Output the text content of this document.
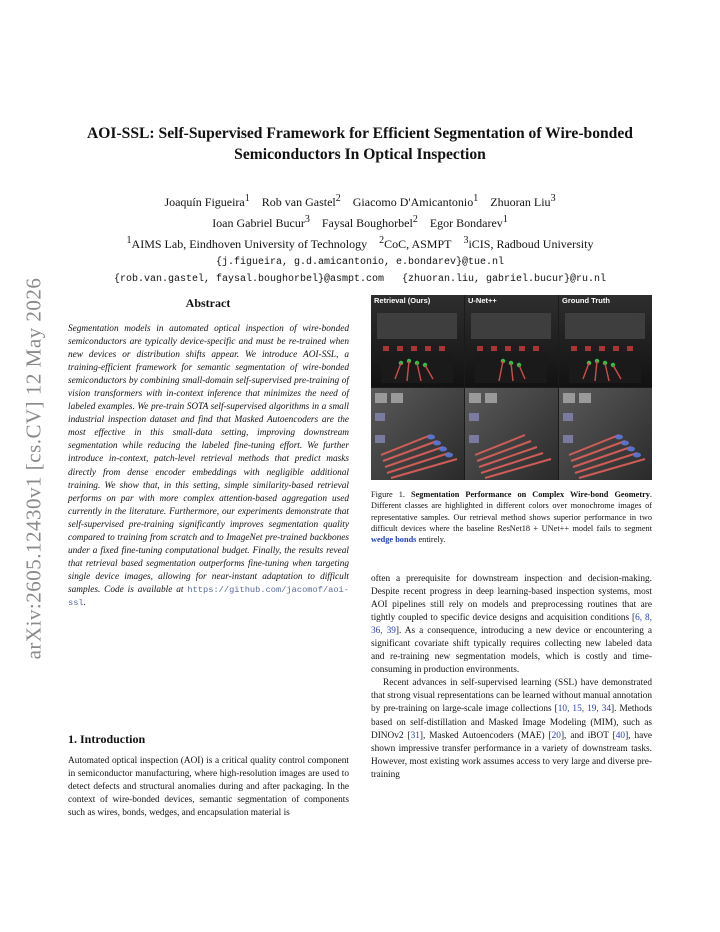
arXiv:2605.12430v1 [cs.CV] 12 May 2026
AOI-SSL: Self-Supervised Framework for Efficient Segmentation of Wire-bonded Semiconductors In Optical Inspection
Joaquín Figueira$^1$ Rob van Gastel$^2$ Giacomo D'Amicantonio$^1$ Zhuoran Liu$^3$
Ioan Gabriel Bucur$^3$ Faysal Boughorbel$^2$ Egor Bondarev$^1$
$^1$AIMS Lab, Eindhoven University of Technology $^2$CoC, ASMPT $^3$iCIS, Radboud University
{j.figueira, g.d.amicantonio, e.bondarev}@tue.nl
{rob.van.gastel, faysal.boughorbel}@asmpt.com {zhuoran.liu, gabriel.bucur}@ru.nl
Abstract
Segmentation models in automated optical inspection of wire-bonded semiconductors are typically device-specific and must be re-trained when new devices or distribution shifts appear. We introduce AOI-SSL, a training-efficient framework for semantic segmentation of wire-bonded semiconductors by combining small-domain self-supervised pre-training of vision transformers with in-context inference that minimizes the need of labeled examples. We pre-train SOTA self-supervised algorithms in a small industrial inspection dataset and find that Masked Autoencoders are the most effective in this small-data setting, improving downstream segmentation while reducing the labeled fine-tuning effort. We further introduce in-context, patch-level retrieval methods that predict masks directly from dense encoder embeddings with negligible additional training. We show that, in this setting, simple similarity-based retrieval performs on par with more complex attention-based aggregation used currently in the literature. Furthermore, our experiments demonstrate that self-supervised pre-training significantly improves segmentation quality compared to training from scratch and to ImageNet pre-trained backbones under a fixed fine-tuning computational budget. Finally, the results reveal that retrieval based segmentation outperforms fine-tuning when targeting single device images, allowing for near-instant adaptation to difficult samples. Code is available at https://github.com/jacomof/aoi-ssl.
1. Introduction
Automated optical inspection (AOI) is a critical quality control component in semiconductor manufacturing, where high-resolution images are used to detect defects and structural anomalies during and after packaging. In the context of wire-bonded devices, semantic segmentation of components such as wires, bonds, wedges, and encapsulation material is
Retrieval (Ours)	U-Net++	Ground Truth
Figure 1. Segmentation Performance on Complex Wire-bond Geometry. Different classes are highlighted in different colors over monochrome images of representative samples. Our retrieval method shows superior performance in two difficult devices where the baseline ResNet18 + UNet++ model fails to segment wedge bonds entirely.

often a prerequisite for downstream inspection and decision-making. Despite recent progress in deep learning-based inspection systems, most AOI pipelines still rely on models and preprocessing routines that are tightly coupled to specific device designs and acquisition conditions [6, 8, 36, 39]. As a consequence, introducing a new device or encountering a significant covariate shift typically requires collecting new labeled data and re-training new segmentation models, which is costly and time-consuming in production environments.

Recent advances in self-supervised learning (SSL) have demonstrated that strong visual representations can be learned without manual annotation by pre-training on large-scale image collections [10, 15, 19, 34]. Methods based on self-distillation and Masked Image Modeling (MIM), such as DINOv2 [31], Masked Autoencoders (MAE) [20], and iBOT [40], have shown impressive transfer performance in a variety of downstream tasks. However, most existing work assumes access to very large and diverse pre-training
